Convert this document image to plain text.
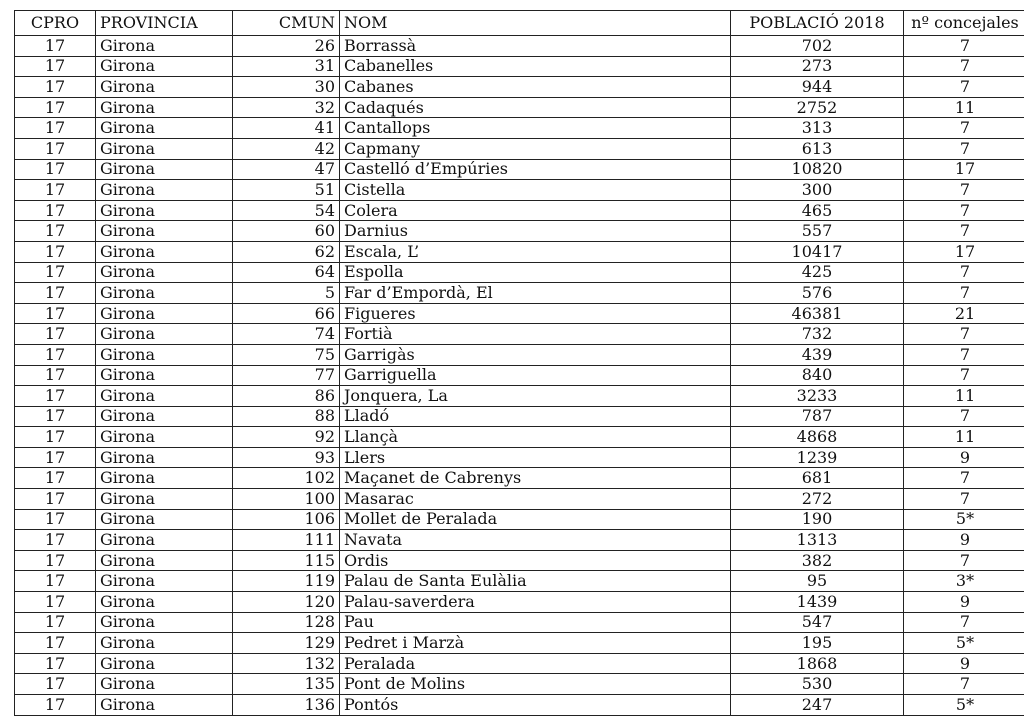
CPRO	PROVINCIA	CMUN	NOM	POBLACIÓ 2018	nº concejales
17	Girona	26	Borrassà	702	7
17	Girona	31	Cabanelles	273	7
17	Girona	30	Cabanes	944	7
17	Girona	32	Cadaqués	2752	11
17	Girona	41	Cantallops	313	7
17	Girona	42	Capmany	613	7
17	Girona	47	Castelló d’Empúries	10820	17
17	Girona	51	Cistella	300	7
17	Girona	54	Colera	465	7
17	Girona	60	Darnius	557	7
17	Girona	62	Escala, L’	10417	17
17	Girona	64	Espolla	425	7
17	Girona	5	Far d’Empordà, El	576	7
17	Girona	66	Figueres	46381	21
17	Girona	74	Fortià	732	7
17	Girona	75	Garrigàs	439	7
17	Girona	77	Garriguella	840	7
17	Girona	86	Jonquera, La	3233	11
17	Girona	88	Lladó	787	7
17	Girona	92	Llançà	4868	11
17	Girona	93	Llers	1239	9
17	Girona	102	Maçanet de Cabrenys	681	7
17	Girona	100	Masarac	272	7
17	Girona	106	Mollet de Peralada	190	5*
17	Girona	111	Navata	1313	9
17	Girona	115	Ordis	382	7
17	Girona	119	Palau de Santa Eulàlia	95	3*
17	Girona	120	Palau-saverdera	1439	9
17	Girona	128	Pau	547	7
17	Girona	129	Pedret i Marzà	195	5*
17	Girona	132	Peralada	1868	9
17	Girona	135	Pont de Molins	530	7
17	Girona	136	Pontós	247	5*
